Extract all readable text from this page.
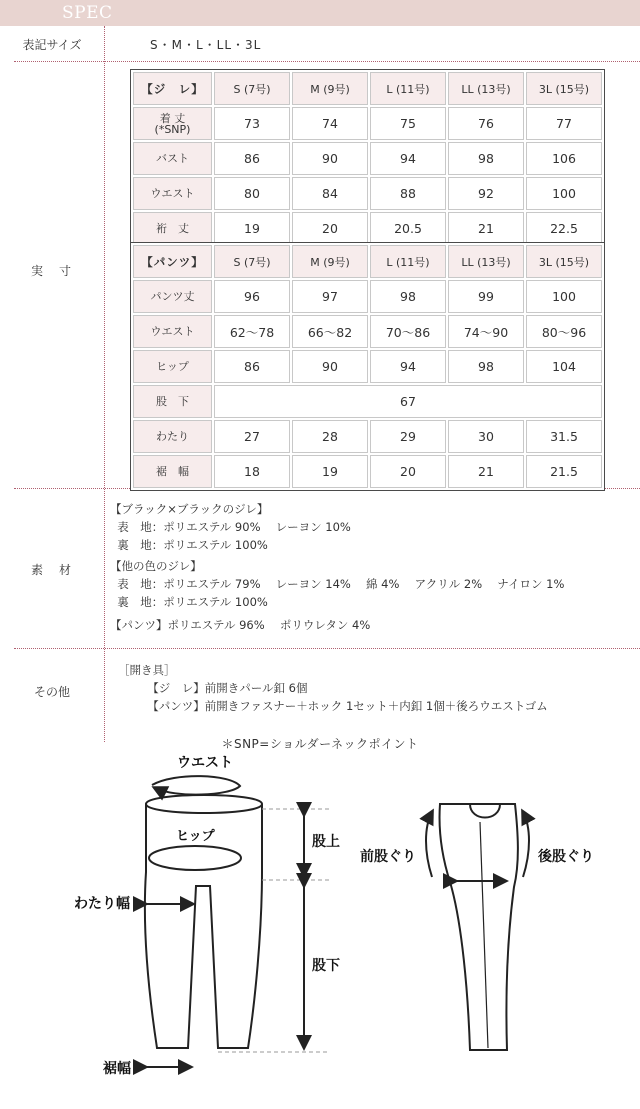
SPEC
表記サイズ	S・M・L・LL・3L
実　寸
【ジ　レ】	S (7号)	M (9号)	L (11号)	LL (13号)	3L (15号)
着 丈
(*SNP)	73	74	75	76	77
バスト	86	90	94	98	106
ウエスト	80	84	88	92	100
裄　丈	19	20	20.5	21	22.5
【パンツ】	S (7号)	M (9号)	L (11号)	LL (13号)	3L (15号)
パンツ丈	96	97	98	99	100
ウエスト	62〜78	66〜82	70〜86	74〜90	80〜96
ヒップ	86	90	94	98	104
股　下	67				
わたり	27	28	29	30	31.5
裾　幅	18	19	20	21	21.5
素　材
【ブラック×ブラックのジレ】
表　地：ポリエステル 90%　 レーヨン 10%
裏　地：ポリエステル 100%
【他の色のジレ】
表　地：ポリエステル 79%　 レーヨン 14%　 綿 4%　 アクリル 2%　 ナイロン 1%
裏　地：ポリエステル 100%
【パンツ】ポリエステル 96%　 ポリウレタン 4%
その他
［開き具］
【ジ　レ】前開きパール釦 6個
【パンツ】前開きファスナー＋ホック 1セット＋内釦 1個＋後ろウエストゴム
＊SNP=ショルダーネックポイント
ウエスト
ヒップ	股上
わたり幅
股下
裾幅
前股ぐり	後股ぐり
